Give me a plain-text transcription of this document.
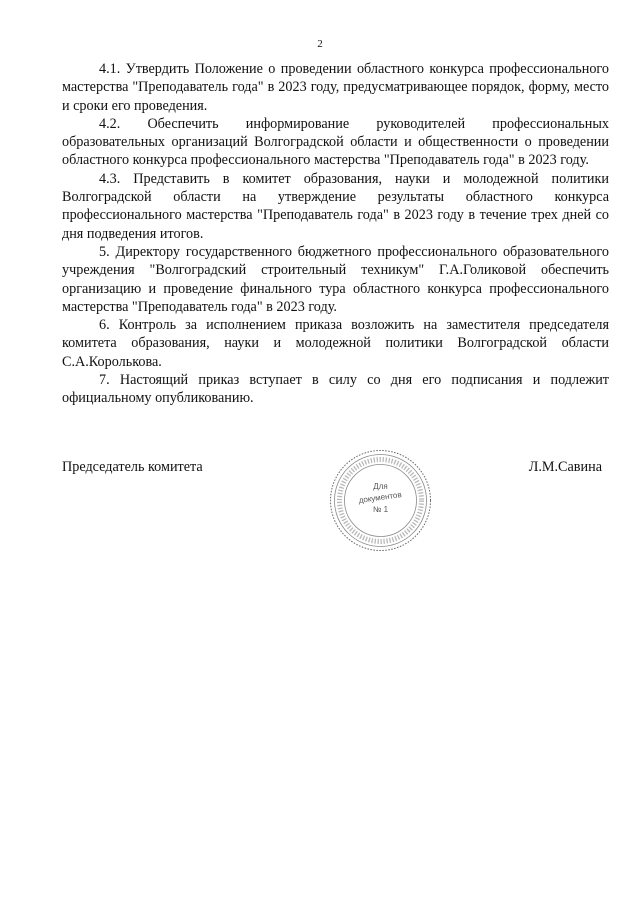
2

4.1. Утвердить Положение о проведении областного конкурса профессионального мастерства "Преподаватель года" в 2023 году, предусматривающее порядок, форму, место и сроки его проведения.

4.2. Обеспечить информирование руководителей профессиональных образовательных организаций Волгоградской области и общественности о проведении областного конкурса профессионального мастерства "Преподаватель года" в 2023 году.

4.3. Представить в комитет образования, науки и молодежной политики Волгоградской области на утверждение результаты областного конкурса профессионального мастерства "Преподаватель года" в 2023 году в течение трех дней со дня подведения итогов.

5. Директору государственного бюджетного профессионального образовательного учреждения "Волгоградский строительный техникум" Г.А.Голиковой обеспечить организацию и проведение финального тура областного конкурса профессионального мастерства "Преподаватель года" в 2023 году.

6. Контроль за исполнением приказа возложить на заместителя председателя комитета образования, науки и молодежной политики Волгоградской области С.А.Королькова.

7. Настоящий приказ вступает в силу со дня его подписания и подлежит официальному опубликованию.

Председатель комитета	Л.М.Савина
Для
документов
№ 1
